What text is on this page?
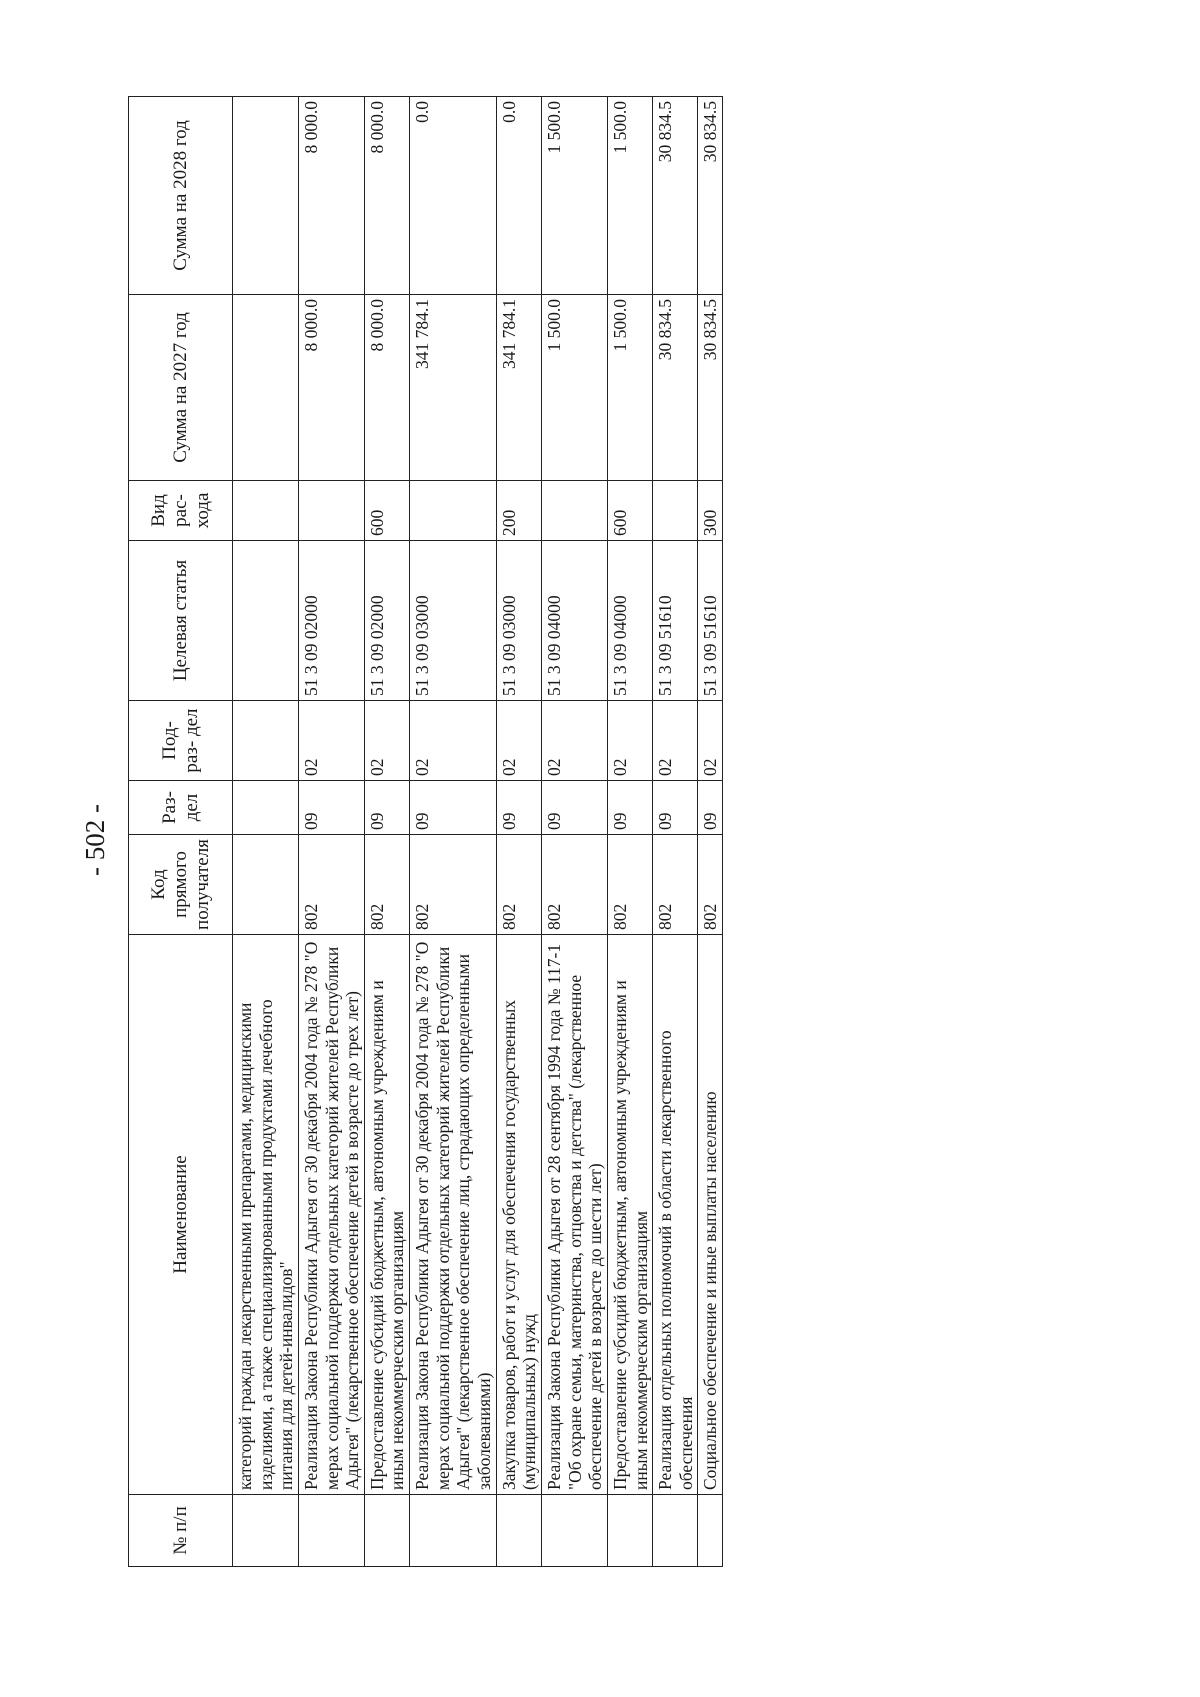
- 502 -
№ п/п	Наименование	Код прямого получателя	Раз- дел	Под- раз- дел	Целевая статья	Вид рас- хода	Сумма на 2027 год	Сумма на 2028 год
	категорий граждан лекарственными препаратами, медицинскими изделиями, а также специализированными продуктами лечебного питания для детей-инвалидов"							
	Реализация Закона Республики Адыгея от 30 декабря 2004 года № 278 "О мерах социальной поддержки отдельных категорий жителей Республики Адыгея" (лекарственное обеспечение детей в возрасте до трех лет)	802	09	02	51 3 09 02000		8 000.0	8 000.0
	Предоставление субсидий бюджетным, автономным учреждениям и иным некоммерческим организациям	802	09	02	51 3 09 02000	600	8 000.0	8 000.0
	Реализация Закона Республики Адыгея от 30 декабря 2004 года № 278 "О мерах социальной поддержки отдельных категорий жителей Республики Адыгея" (лекарственное обеспечение лиц, страдающих определенными заболеваниями)	802	09	02	51 3 09 03000		341 784.1	0.0
	Закупка товаров, работ и услуг для обеспечения государственных (муниципальных) нужд	802	09	02	51 3 09 03000	200	341 784.1	0.0
	Реализация Закона Республики Адыгея от 28 сентября 1994 года № 117-1 "Об охране семьи, материнства, отцовства и детства" (лекарственное обеспечение детей в возрасте до шести лет)	802	09	02	51 3 09 04000		1 500.0	1 500.0
	Предоставление субсидий бюджетным, автономным учреждениям и иным некоммерческим организациям	802	09	02	51 3 09 04000	600	1 500.0	1 500.0
	Реализация отдельных полномочий в области лекарственного обеспечения	802	09	02	51 3 09 51610		30 834.5	30 834.5
	Социальное обеспечение и иные выплаты населению	802	09	02	51 3 09 51610	300	30 834.5	30 834.5
